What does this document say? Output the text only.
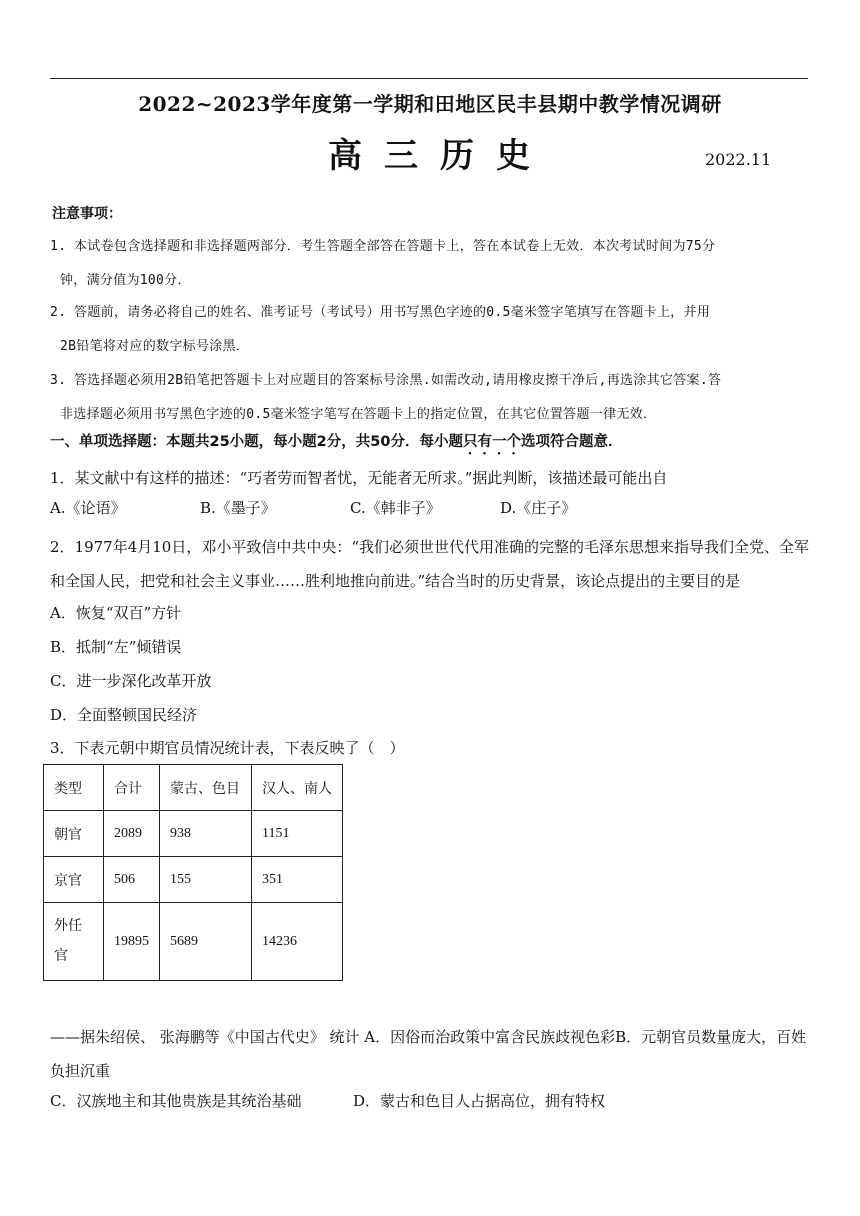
2022~2023学年度第一学期和田地区民丰县期中教学情况调研
高三历史	2022.11
注意事项：
1. 本试卷包含选择题和非选择题两部分．考生答题全部答在答题卡上，答在本试卷上无效．本次考试时间为75分
钟，满分值为100分．
2. 答题前，请务必将自己的姓名、准考证号（考试号）用书写黑色字迹的0.5毫米签字笔填写在答题卡上，并用
2B铅笔将对应的数字标号涂黑．
3. 答选择题必须用2B铅笔把答题卡上对应题目的答案标号涂黑.如需改动,请用橡皮擦干净后,再选涂其它答案.答
非选择题必须用书写黑色字迹的0.5毫米签字笔写在答题卡上的指定位置，在其它位置答题一律无效．
一、单项选择题：本题共25小题，每小题2分，共50分．每小题只有一个选项符合题意．
1．某文献中有这样的描述：“巧者劳而智者忧，无能者无所求。”据此判断，该描述最可能出自
A.《论语》	B.《墨子》	C.《韩非子》	D.《庄子》
2．1977年4月10日，邓小平致信中共中央：“我们必须世世代代用准确的完整的毛泽东思想来指导我们全党、全军和全国人民，把党和社会主义事业……胜利地推向前进。”结合当时的历史背景，该论点提出的主要目的是
A．恢复“双百”方针
B．抵制“左”倾错误
C．进一步深化改革开放
D．全面整顿国民经济
3．下表元朝中期官员情况统计表，下表反映了（　）
类型	合计	蒙古、色目	汉人、南人
朝官	2089	938	1151
京官	506	155	351
外任官	19895	5689	14236
——据朱绍侯、 张海鹏等《中国古代史》 统计 A．因俗而治政策中富含民族歧视色彩B．元朝官员数量庞大，百姓负担沉重
C．汉族地主和其他贵族是其统治基础	D．蒙古和色目人占据高位，拥有特权
